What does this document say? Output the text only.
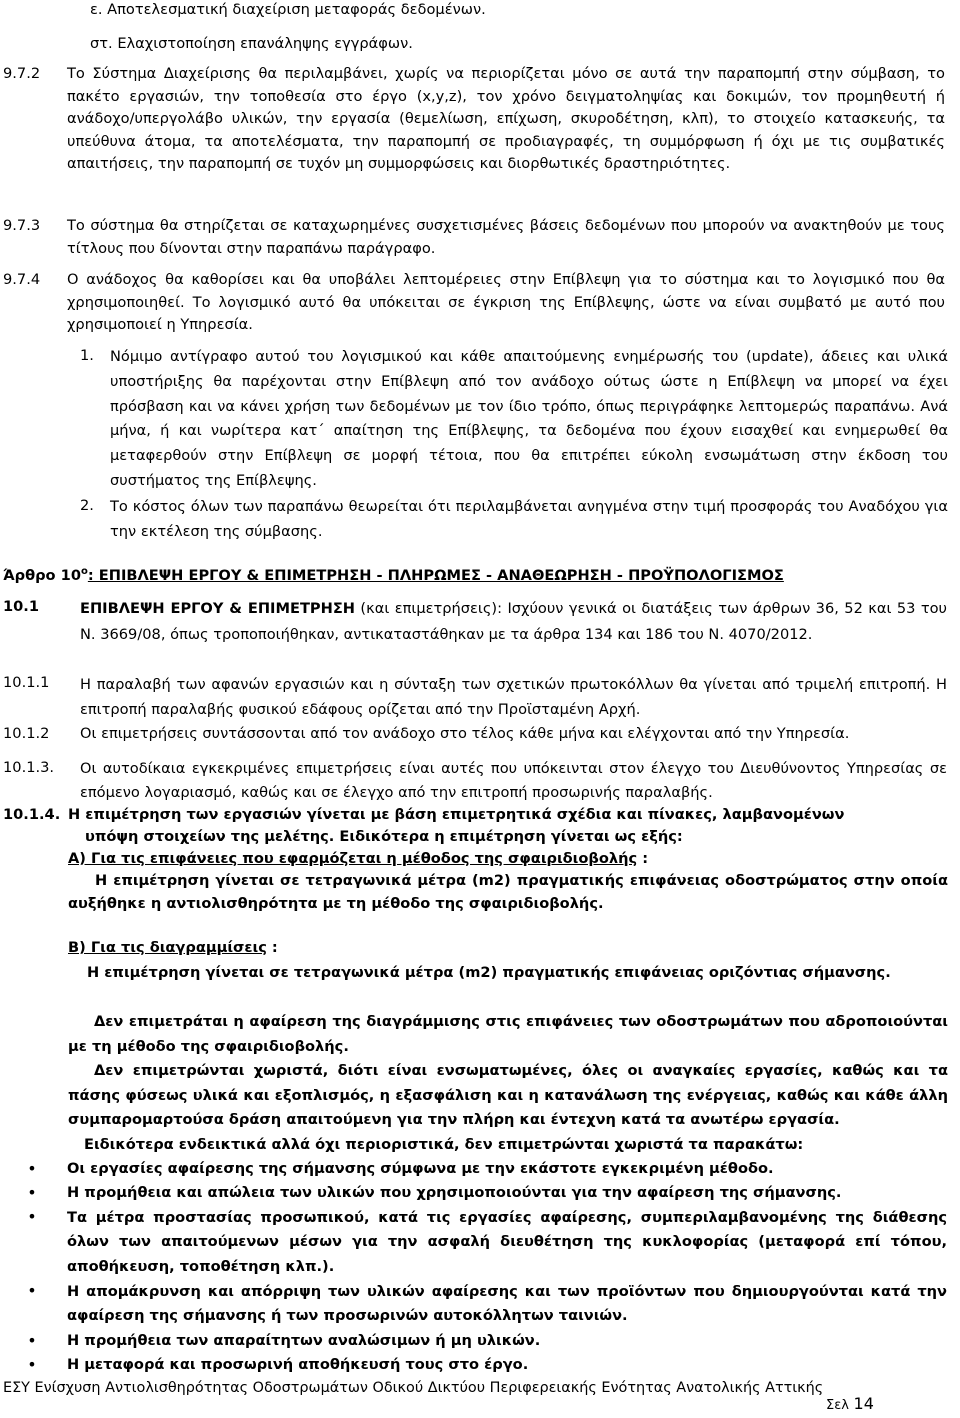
ε. Αποτελεσματική διαχείριση μεταφοράς δεδομένων.
στ. Ελαχιστοποίηση επανάληψης εγγράφων.
9.7.2	Το Σύστημα Διαχείρισης θα περιλαμβάνει, χωρίς να περιορίζεται μόνο σε αυτά την παραπομπή στην σύμβαση, το πακέτο εργασιών, την τοποθεσία στο έργο (x,y,z), τον χρόνο δειγματοληψίας και δοκιμών, τον προμηθευτή ή ανάδοχο/υπεργολάβο υλικών, την εργασία (θεμελίωση, επίχωση, σκυροδέτηση, κλπ), το στοιχείο κατασκευής, τα υπεύθυνα άτομα, τα αποτελέσματα, την παραπομπή σε προδιαγραφές, τη συμμόρφωση ή όχι με τις συμβατικές απαιτήσεις, την παραπομπή σε τυχόν μη συμμορφώσεις και διορθωτικές δραστηριότητες.
9.7.3	Το σύστημα θα στηρίζεται σε καταχωρημένες συσχετισμένες βάσεις δεδομένων που μπορούν να ανακτηθούν με τους τίτλους που δίνονται στην παραπάνω παράγραφο.
9.7.4	Ο ανάδοχος θα καθορίσει και θα υποβάλει λεπτομέρειες στην Επίβλεψη για το σύστημα και το λογισμικό που θα χρησιμοποιηθεί. Το λογισμικό αυτό θα υπόκειται σε έγκριση της Επίβλεψης, ώστε να είναι συμβατό με αυτό που χρησιμοποιεί η Υπηρεσία.
1.	Νόμιμο αντίγραφο αυτού του λογισμικού και κάθε απαιτούμενης ενημέρωσής του (update), άδειες και υλικά υποστήριξης θα παρέχονται στην Επίβλεψη από τον ανάδοχο ούτως ώστε η Επίβλεψη να μπορεί να έχει πρόσβαση και να κάνει χρήση των δεδομένων με τον ίδιο τρόπο, όπως περιγράφηκε λεπτομερώς παραπάνω. Ανά μήνα, ή και νωρίτερα κατ΄ απαίτηση της Επίβλεψης, τα δεδομένα που έχουν εισαχθεί και ενημερωθεί θα μεταφερθούν στην Επίβλεψη σε μορφή τέτοια, που θα επιτρέπει εύκολη ενσωμάτωση στην έκδοση του συστήματος της Επίβλεψης.
2.	Το κόστος όλων των παραπάνω θεωρείται ότι περιλαμβάνεται ανηγμένα στην τιμή προσφοράς του Αναδόχου για την εκτέλεση της σύμβασης.
Άρθρο $10^o$: ΕΠΙΒΛΕΨΗ ΕΡΓΟΥ & ΕΠΙΜΕΤΡΗΣΗ - ΠΛΗΡΩΜΕΣ - ΑΝΑΘΕΩΡΗΣΗ - ΠΡΟΫΠΟΛΟΓΙΣΜΟΣ
10.1	ΕΠΙΒΛΕΨΗ ΕΡΓΟΥ & ΕΠΙΜΕΤΡΗΣΗ (και επιμετρήσεις): Ισχύουν γενικά οι διατάξεις των άρθρων 36, 52 και 53 του Ν. 3669/08, όπως τροποποιήθηκαν, αντικαταστάθηκαν με τα άρθρα 134 και 186 του Ν. 4070/2012.
10.1.1	Η παραλαβή των αφανών εργασιών και η σύνταξη των σχετικών πρωτοκόλλων θα γίνεται από τριμελή επιτροπή. Η επιτροπή παραλαβής φυσικού εδάφους ορίζεται από την Προϊσταμένη Αρχή.
10.1.2	Οι επιμετρήσεις συντάσσονται από τον ανάδοχο στο τέλος κάθε μήνα και ελέγχονται από την Υπηρεσία.
10.1.3.	Οι αυτοδίκαια εγκεκριμένες επιμετρήσεις είναι αυτές που υπόκεινται στον έλεγχο του Διευθύνοντος Υπηρεσίας σε επόμενο λογαριασμό, καθώς και σε έλεγχο από την επιτροπή προσωρινής παραλαβής.
10.1.4. Η επιμέτρηση των εργασιών γίνεται με βάση επιμετρητικά σχέδια και πίνακες, λαμβανομένων
υπόψη στοιχείων της μελέτης. Ειδικότερα η επιμέτρηση γίνεται ως εξής:
Α) Για τις επιφάνειες που εφαρμόζεται η μέθοδος της σφαιριδιοβολής :
Η επιμέτρηση γίνεται σε τετραγωνικά μέτρα (m2) πραγματικής επιφάνειας οδοστρώματος στην οποία αυξήθηκε η αντιολισθηρότητα με τη μέθοδο της σφαιριδιοβολής.
Β) Για τις διαγραμμίσεις :
Η επιμέτρηση γίνεται σε τετραγωνικά μέτρα (m2) πραγματικής επιφάνειας οριζόντιας σήμανσης.
Δεν επιμετράται η αφαίρεση της διαγράμμισης στις επιφάνειες των οδοστρωμάτων που αδροποιούνται με τη μέθοδο της σφαιριδιοβολής.
Δεν επιμετρώνται χωριστά, διότι είναι ενσωματωμένες, όλες οι αναγκαίες εργασίες, καθώς και τα πάσης φύσεως υλικά και εξοπλισμός, η εξασφάλιση και η κατανάλωση της ενέργειας, καθώς και κάθε άλλη συμπαρομαρτούσα δράση απαιτούμενη για την πλήρη και έντεχνη κατά τα ανωτέρω εργασία.
Ειδικότερα ενδεικτικά αλλά όχι περιοριστικά, δεν επιμετρώνται χωριστά τα παρακάτω:
•	Οι εργασίες αφαίρεσης της σήμανσης σύμφωνα με την εκάστοτε εγκεκριμένη μέθοδο.
•	Η προμήθεια και απώλεια των υλικών που χρησιμοποιούνται για την αφαίρεση της σήμανσης.
•	Τα μέτρα προστασίας προσωπικού, κατά τις εργασίες αφαίρεσης, συμπεριλαμβανομένης της διάθεσης όλων των απαιτούμενων μέσων για την ασφαλή διευθέτηση της κυκλοφορίας (μεταφορά επί τόπου, αποθήκευση, τοποθέτηση κλπ.).
•	Η απομάκρυνση και απόρριψη των υλικών αφαίρεσης και των προϊόντων που δημιουργούνται κατά την αφαίρεση της σήμανσης ή των προσωρινών αυτοκόλλητων ταινιών.
•	Η προμήθεια των απαραίτητων αναλώσιμων ή μη υλικών.
•	Η μεταφορά και προσωρινή αποθήκευσή τους στο έργο.
ΕΣΥ Ενίσχυση Αντιολισθηρότητας Οδοστρωμάτων Οδικού Δικτύου Περιφερειακής Ενότητας Ανατολικής Αττικής
Σελ 14
